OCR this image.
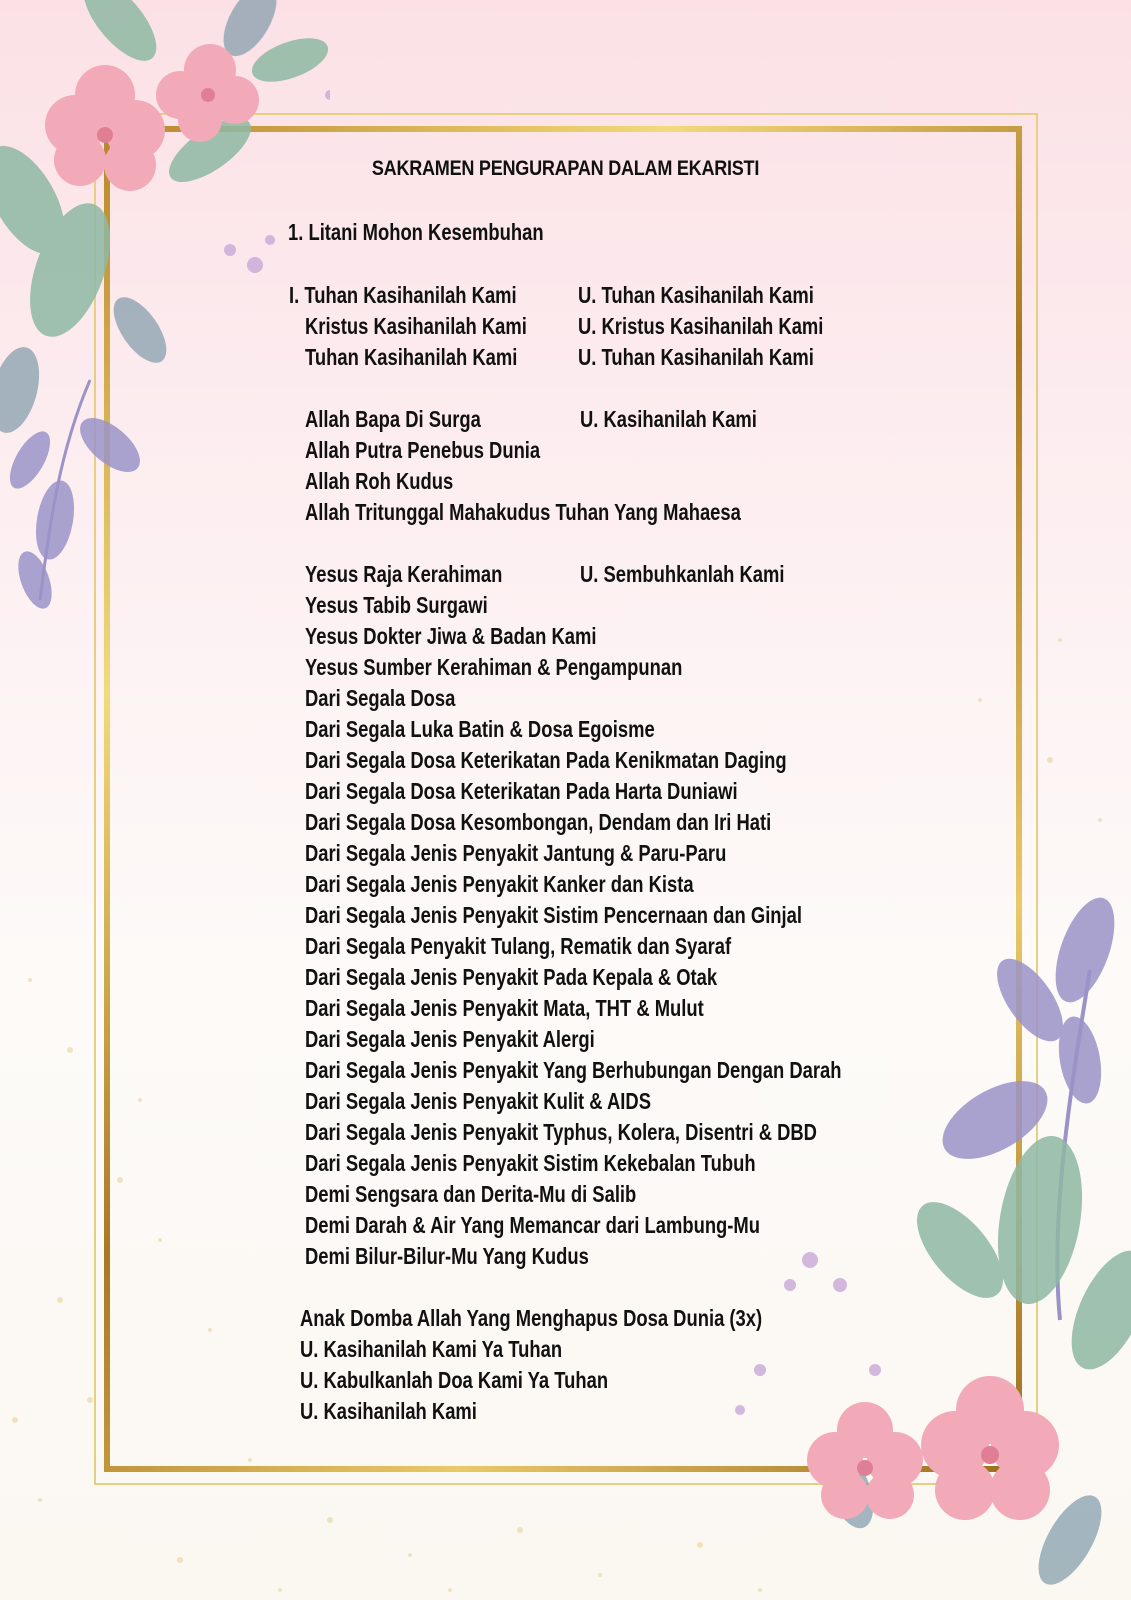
SAKRAMEN PENGURAPAN DALAM EKARISTI
1. Litani Mohon Kesembuhan
I. Tuhan Kasihanilah Kami	U. Tuhan Kasihanilah Kami
Kristus Kasihanilah Kami U. Kristus Kasihanilah Kami
Tuhan Kasihanilah Kami	U. Tuhan Kasihanilah Kami
Allah Bapa Di Surga	U. Kasihanilah Kami
Allah Putra Penebus Dunia
Allah Roh Kudus
Allah Tritunggal Mahakudus Tuhan Yang Mahaesa
Yesus Raja Kerahiman	U. Sembuhkanlah Kami
Yesus Tabib Surgawi
Yesus Dokter Jiwa & Badan Kami
Yesus Sumber Kerahiman & Pengampunan
Dari Segala Dosa
Dari Segala Luka Batin & Dosa Egoisme
Dari Segala Dosa Keterikatan Pada Kenikmatan Daging
Dari Segala Dosa Keterikatan Pada Harta Duniawi
Dari Segala Dosa Kesombongan, Dendam dan Iri Hati
Dari Segala Jenis Penyakit Jantung & Paru-Paru
Dari Segala Jenis Penyakit Kanker dan Kista
Dari Segala Jenis Penyakit Sistim Pencernaan dan Ginjal
Dari Segala Penyakit Tulang, Rematik dan Syaraf
Dari Segala Jenis Penyakit Pada Kepala & Otak
Dari Segala Jenis Penyakit Mata, THT & Mulut
Dari Segala Jenis Penyakit Alergi
Dari Segala Jenis Penyakit Yang Berhubungan Dengan Darah
Dari Segala Jenis Penyakit Kulit & AIDS
Dari Segala Jenis Penyakit Typhus, Kolera, Disentri & DBD
Dari Segala Jenis Penyakit Sistim Kekebalan Tubuh
Demi Sengsara dan Derita-Mu di Salib
Demi Darah & Air Yang Memancar dari Lambung-Mu
Demi Bilur-Bilur-Mu Yang Kudus
Anak Domba Allah Yang Menghapus Dosa Dunia (3x)
U. Kasihanilah Kami Ya Tuhan
U. Kabulkanlah Doa Kami Ya Tuhan
U. Kasihanilah Kami
